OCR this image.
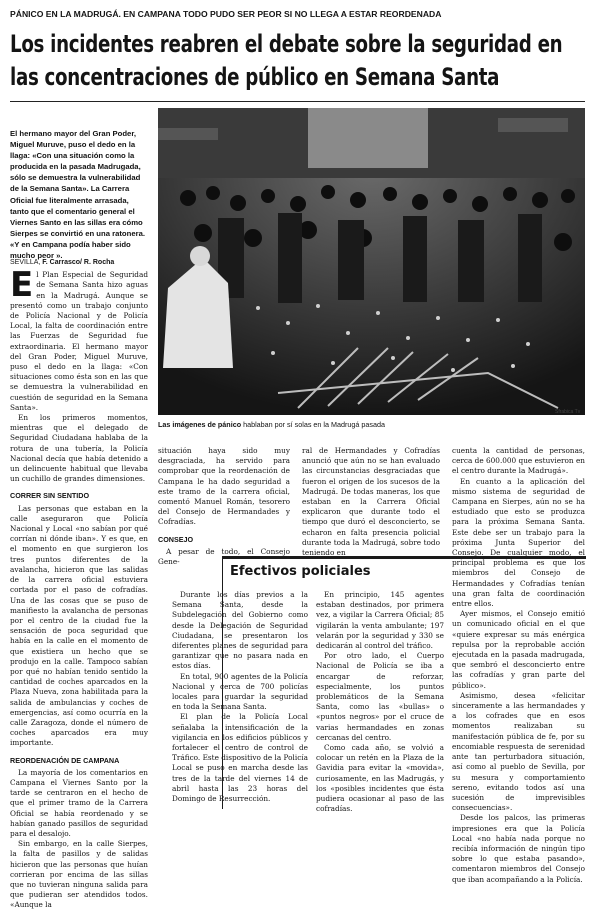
PÁNICO EN LA MADRUGÁ. EN CAMPANA TODO PUDO SER PEOR SI NO LLEGA A ESTAR REORDENADA
Los incidentes reabren el debate sobre la seguridad en
las concentraciones de público en Semana Santa
El hermano mayor del Gran Poder, Miguel Muruve, puso el dedo en la llaga: «Con una situación como la producida en la pasada Madrugada, sólo se demuestra la vulnerabilidad de la Semana Santa». La Carrera Oficial fue literalmente arrasada, tanto que el comentario general el Viernes Santo en las sillas era cómo Sierpes se convirtió en una ratonera. «Y en Campana podía haber sido mucho peor ».
Sfrabica Tv
Las imágenes de pánico hablaban por sí solas en la Madrugá pasada
SEVILLA, F. Carrasco/ R. Rocha

El Plan Especial de Seguridad de Semana Santa hizo aguas en la Madrugá. Aunque se presentó como un trabajo conjunto de Policía Nacional y de Policía Local, la falta de coordinación entre las Fuerzas de Seguridad fue extraordinaria. El hermano mayor del Gran Poder, Miguel Muruve, puso el dedo en la llaga: «Con situaciones como ésta son en las que se demuestra la vulnerabilidad en cuestión de seguridad en la Semana Santa».

En los primeros momentos, mientras que el delegado de Seguridad Ciudadana hablaba de la rotura de una tubería, la Policía Nacional decía que había detenido a un delincuente habitual que llevaba un cuchillo de grandes dimensiones.

CORRER SIN SENTIDO

Las personas que estaban en la calle aseguraron que Policía Nacional y Local «no sabían por qué corrían ni dónde iban». Y es que, en el momento en que surgieron los tres puntos diferentes de la avalancha, hicieron que las salidas de la carrera oficial estuviera cortada por el paso de cofradías. Una de las cosas que se puso de manifiesto la avalancha de personas por el centro de la ciudad fue la sensación de poca seguridad que había en la calle en el momento de que existiera un hecho que se produjo en la calle. Tampoco sabían por qué no habían tenido sentido la cantidad de coches aparcados en la Plaza Nueva, zona habilitada para la salida de ambulancias y coches de emergencias, así como ocurría en la calle Zaragoza, donde el número de coches aparcados era muy importante.

REORDENACIÓN DE CAMPANA

La mayoría de los comentarios en Campana el Viernes Santo por la tarde se centraron en el hecho de que el primer tramo de la Carrera Oficial se había reordenado y se habían ganado pasillos de seguridad para el desalojo.

Sin embargo, en la calle Sierpes, la falta de pasillos y de salidas hicieron que las personas que huían corrieran por encima de las sillas que no tuvieran ninguna salida para que pudieran ser atendidos todos. «Aunque la

situación haya sido muy desgraciada, ha servido para comprobar que la reordenación de Campana le ha dado seguridad a este tramo de la carrera oficial, comentó Manuel Román, tesorero del Consejo de Hermandades y Cofradías.

CONSEJO

A pesar de todo, el Consejo Gene-

ral de Hermandades y Cofradías anunció que aún no se han evaluado las circunstancias desgraciadas que fueron el origen de los sucesos de la Madrugá. De todas maneras, los que estaban en la Carrera Oficial explicaron que durante todo el tiempo que duró el desconcierto, se echaron en falta presencia policial durante toda la Madrugá, sobre todo teniendo en

cuenta la cantidad de personas, cerca de 600.000 que estuvieron en el centro durante la Madrugá».

En cuanto a la aplicación del mismo sistema de seguridad de Campana en Sierpes, aún no se ha estudiado que esto se produzca para la próxima Semana Santa. Este debe ser un trabajo para la próxima Junta Superior del Consejo. De cualquier modo, el principal problema es que los miembros del Consejo de Hermandades y Cofradías tenían una gran falta de coordinación entre ellos.

Ayer mismos, el Consejo emitió un comunicado oficial en el que «quiere expresar su más enérgica repulsa por la reprobable acción ejecutada en la pasada madrugada, que sembró el desconcierto entre las cofradías y gran parte del público».

Asimismo, desea «felicitar sinceramente a las hermandades y a los cofrades que en esos momentos realizaban su manifestación pública de fe, por su encomiable respuesta de serenidad ante tan perturbadora situación, así como al pueblo de Sevilla, por su mesura y comportamiento sereno, evitando todos así una sucesión de imprevisibles consecuencias».

Desde los palcos, las primeras impresiones era que la Policía Local «no había nada porque no recibía información de ningún tipo sobre lo que estaba pasando», comentaron miembros del Consejo que iban acompañando a la Policía.

Efectivos policiales

Durante los días previos a la Semana Santa, desde la Subdelegación del Gobierno como desde la Delegación de Seguridad Ciudadana, se presentaron los diferentes planes de seguridad para garantizar que no pasara nada en estos días.

En total, 900 agentes de la Policía Nacional y cerca de 700 policías locales para guardar la seguridad en toda la Semana Santa.

El plan de la Policía Local señalaba la intensificación de la vigilancia en los edificios públicos y fortalecer el centro de control de Tráfico. Este dispositivo de la Policía Local se puso en marcha desde las tres de la tarde del viernes 14 de abril hasta las 23 horas del Domingo de Resurrección.

En principio, 145 agentes estaban destinados, por primera vez, a vigilar la Carrera Oficial; 85 vigilarán la venta ambulante; 197 velarán por la seguridad y 330 se dedicarán al control del tráfico.

Por otro lado, el Cuerpo Nacional de Policía se iba a encargar de reforzar, especialmente, los puntos problemáticos de la Semana Santa, como las «bullas» o «puntos negros» por el cruce de varias hermandades en zonas cercanas del centro.

Como cada año, se volvió a colocar un retén en la Plaza de la Gavidia para evitar la «movida», curiosamente, en las Madrugás, y los «posibles incidentes que ésta pudiera ocasionar al paso de las cofradías.
